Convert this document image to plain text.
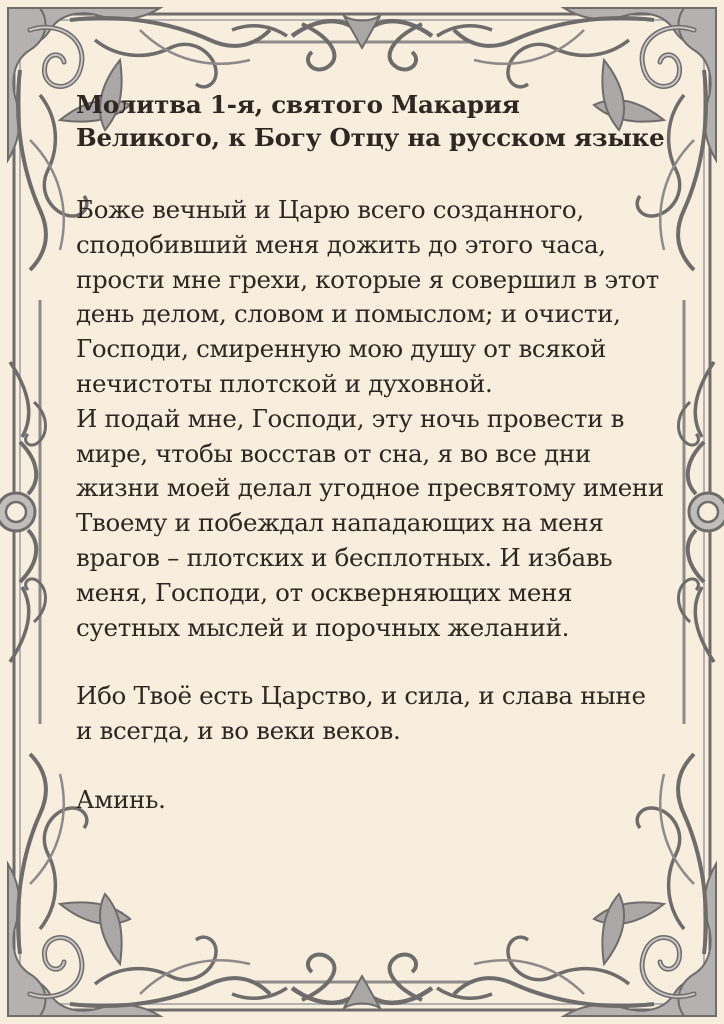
Молитва 1-я, святого Макария Великого, к Богу Отцу на русском языке

Боже вечный и Царю всего созданного, сподобивший меня дожить до этого часа, прости мне грехи, которые я совершил в этот день делом, словом и помыслом; и очисти, Господи, смиренную мою душу от всякой нечистоты плотской и духовной.

И подай мне, Господи, эту ночь провести в мире, чтобы восстав от сна, я во все дни жизни моей делал угодное пресвятому имени Твоему и побеждал нападающих на меня врагов – плотских и бесплотных. И избавь меня, Господи, от оскверняющих меня суетных мыслей и порочных желаний.

Ибо Твоё есть Царство, и сила, и слава ныне и всегда, и во веки веков.

Аминь.
